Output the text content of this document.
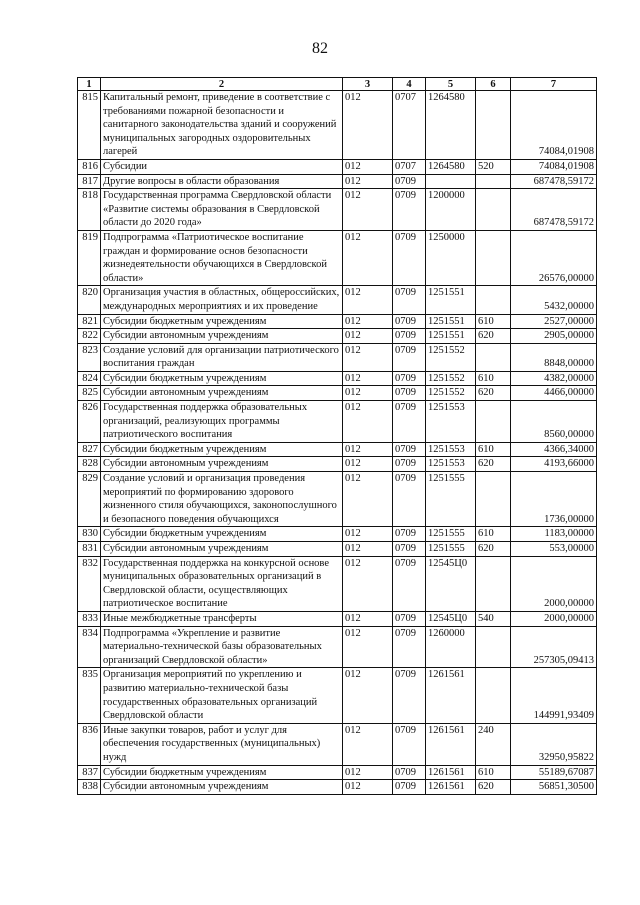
82
1	2	3	4	5	6	7
815	Капитальный ремонт, приведение в соответствие с требованиями пожарной безопасности и санитарного законодательства зданий и сооружений муниципальных загородных оздоровительных лагерей	012	0707	1264580		74084,01908
816	Субсидии	012	0707	1264580	520	74084,01908
817	Другие вопросы в области образования	012	0709			687478,59172
818	Государственная программа Свердловской области «Развитие системы образования в Свердловской области до 2020 года»	012	0709	1200000		687478,59172
819	Подпрограмма «Патриотическое воспитание граждан и формирование основ безопасности жизнедеятельности обучающихся в Свердловской области»	012	0709	1250000		26576,00000
820	Организация участия в областных, общероссийских, международных мероприятиях и их проведение	012	0709	1251551		5432,00000
821	Субсидии бюджетным учреждениям	012	0709	1251551	610	2527,00000
822	Субсидии автономным учреждениям	012	0709	1251551	620	2905,00000
823	Создание условий для организации патриотического воспитания граждан	012	0709	1251552		8848,00000
824	Субсидии бюджетным учреждениям	012	0709	1251552	610	4382,00000
825	Субсидии автономным учреждениям	012	0709	1251552	620	4466,00000
826	Государственная поддержка образовательных организаций, реализующих программы патриотического воспитания	012	0709	1251553		8560,00000
827	Субсидии бюджетным учреждениям	012	0709	1251553	610	4366,34000
828	Субсидии автономным учреждениям	012	0709	1251553	620	4193,66000
829	Создание условий и организация проведения мероприятий по формированию здорового жизненного стиля обучающихся, законопослушного и безопасного поведения обучающихся	012	0709	1251555		1736,00000
830	Субсидии бюджетным учреждениям	012	0709	1251555	610	1183,00000
831	Субсидии автономным учреждениям	012	0709	1251555	620	553,00000
832	Государственная поддержка на конкурсной основе муниципальных образовательных организаций в Свердловской области, осуществляющих патриотическое воспитание	012	0709	12545Ц0		2000,00000
833	Иные межбюджетные трансферты	012	0709	12545Ц0	540	2000,00000
834	Подпрограмма «Укрепление и развитие материально-технической базы образовательных организаций Свердловской области»	012	0709	1260000		257305,09413
835	Организация мероприятий по укреплению и развитию материально-технической базы государственных образовательных организаций Свердловской области	012	0709	1261561		144991,93409
836	Иные закупки товаров, работ и услуг для обеспечения государственных (муниципальных) нужд	012	0709	1261561	240	32950,95822
837	Субсидии бюджетным учреждениям	012	0709	1261561	610	55189,67087
838	Субсидии автономным учреждениям	012	0709	1261561	620	56851,30500
